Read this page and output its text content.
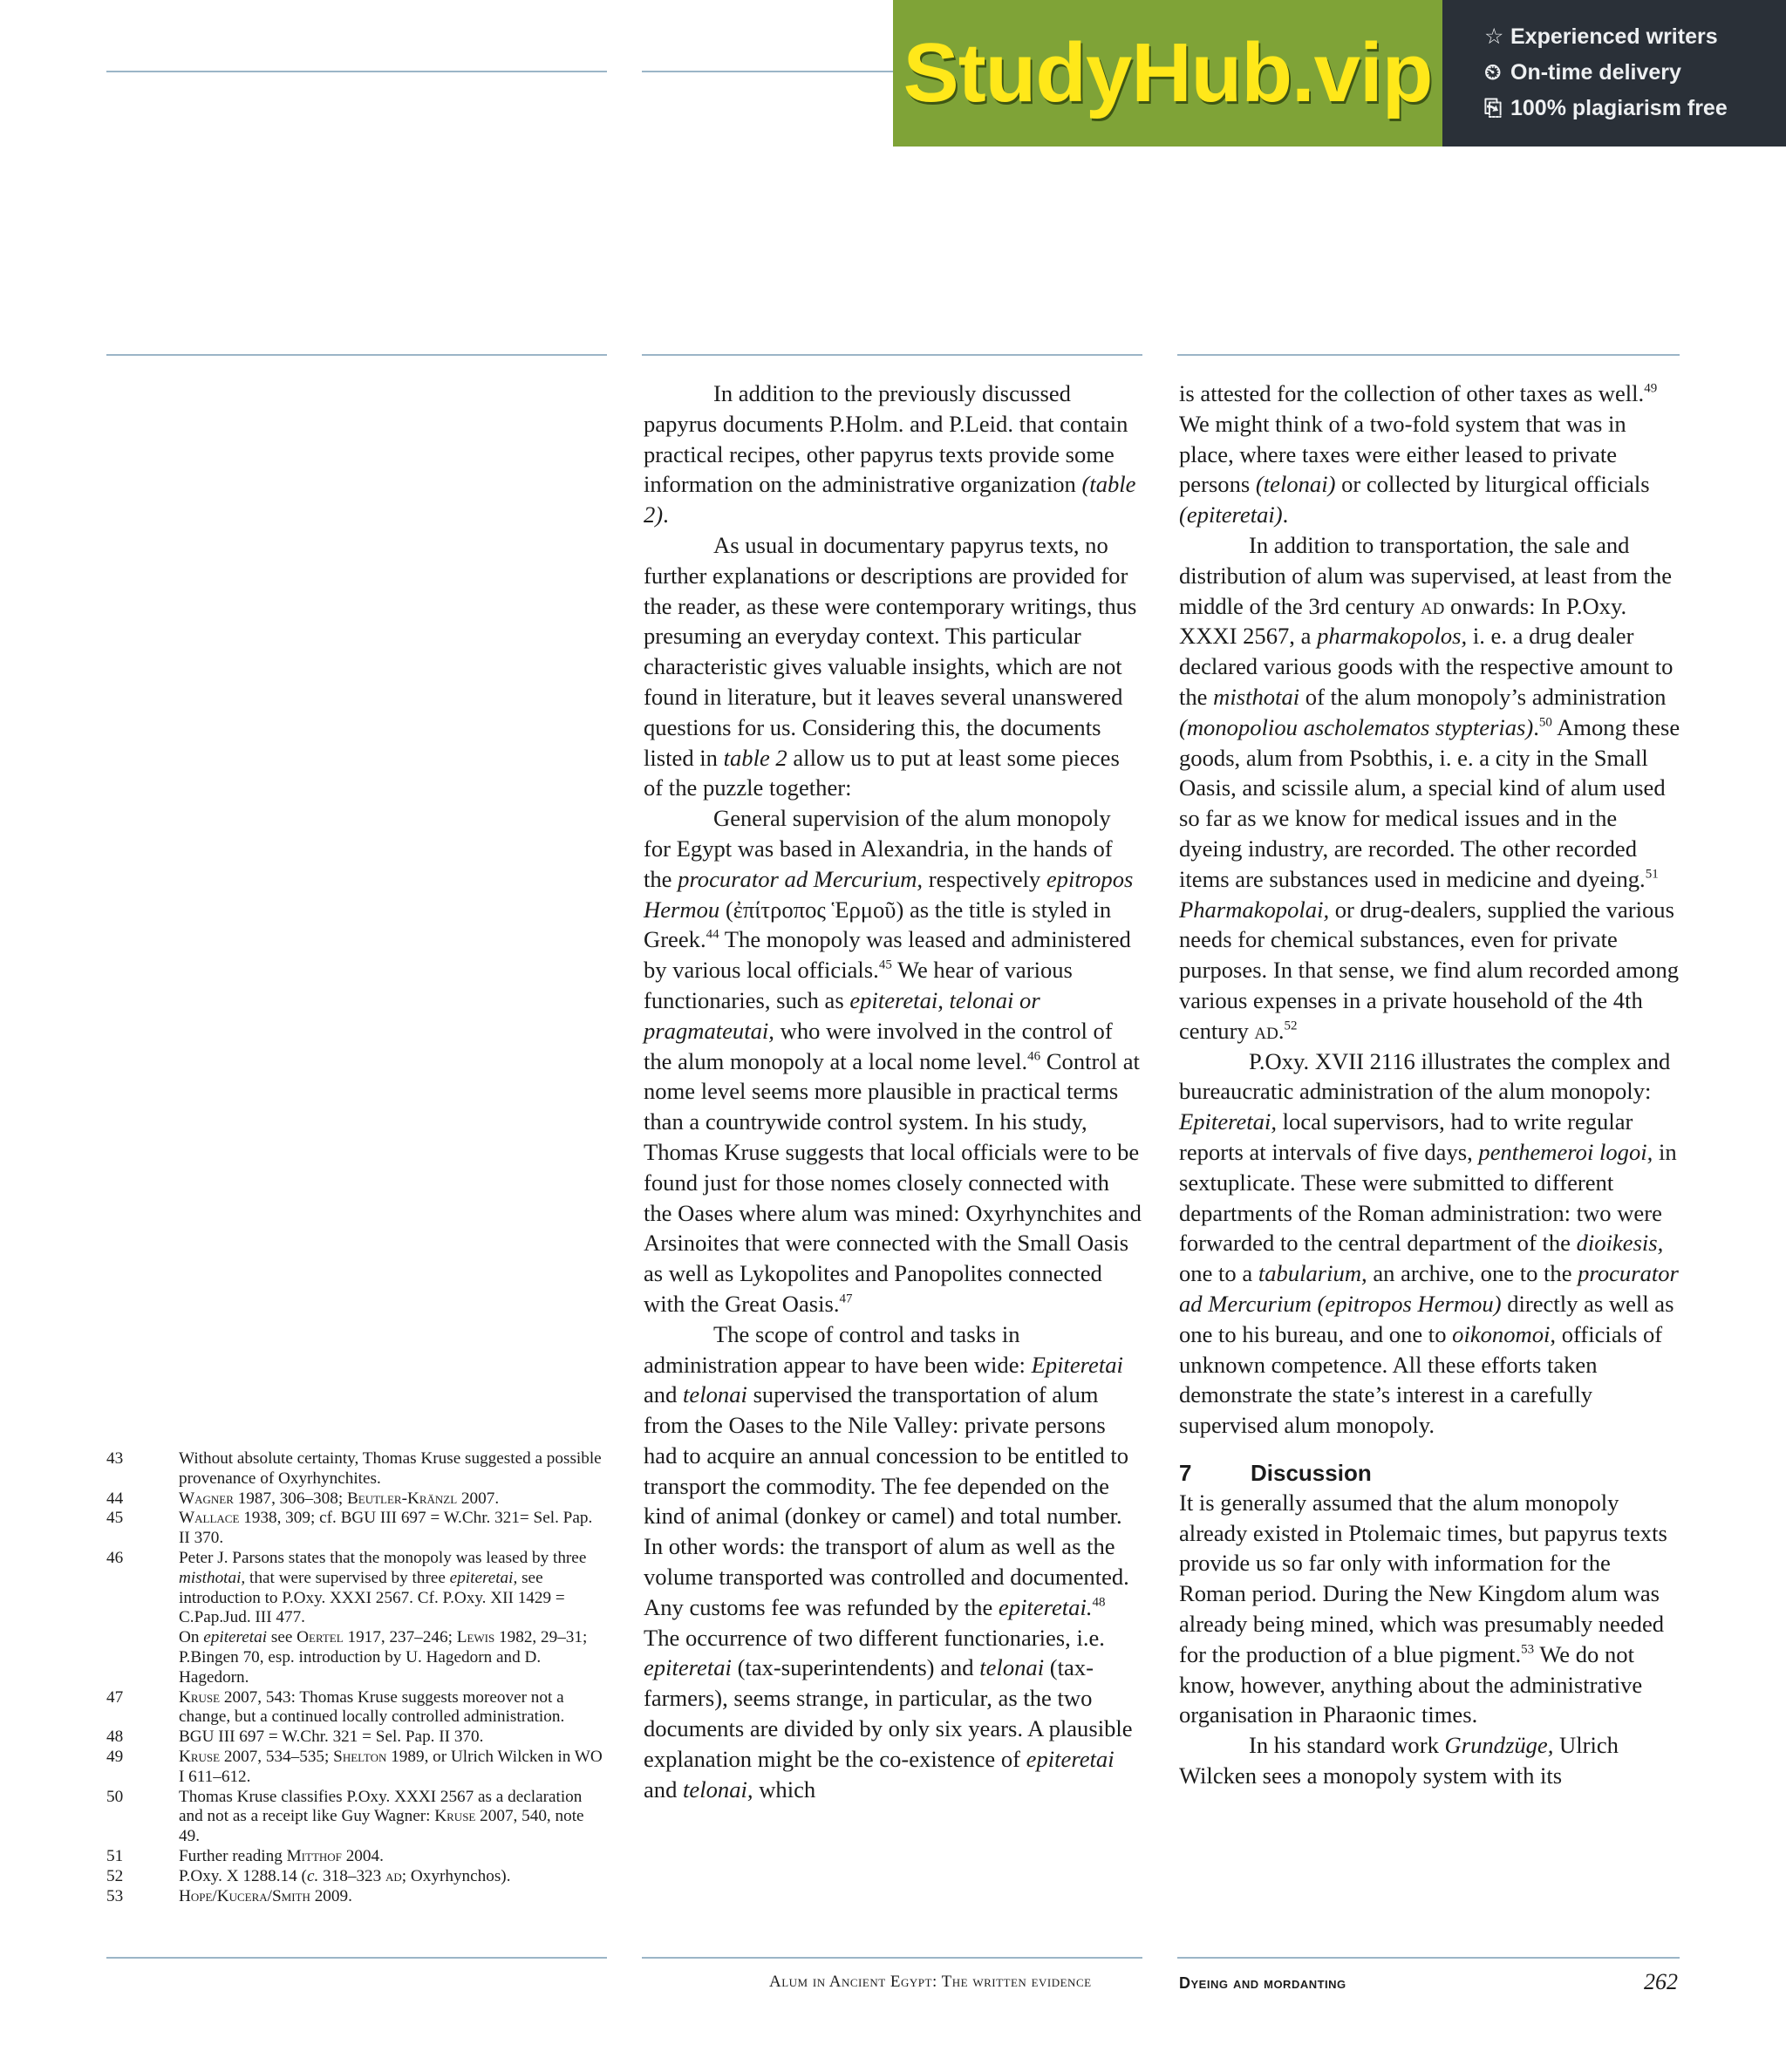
StudyHub.vip ☆ Experienced writers
⏲ On-time delivery
⎘ 100% plagiarism free

In addition to the previously discussed papyrus documents P.Holm. and P.Leid. that contain practical recipes, other papyrus texts provide some information on the administrative organization (table 2).

As usual in documentary papyrus texts, no further explanations or descriptions are provided for the reader, as these were contemporary writings, thus presuming an everyday context. This particular characteristic gives valuable insights, which are not found in literature, but it leaves several unanswered questions for us. Considering this, the documents listed in table 2 allow us to put at least some pieces of the puzzle together:

General supervision of the alum monopoly for Egypt was based in Alexandria, in the hands of the procurator ad Mercurium, respectively epitropos Hermou (ἐπίτροπος Ἑρμοῦ) as the title is styled in Greek.$^{44}$ The monopoly was leased and administered by various local officials.$^{45}$ We hear of various functionaries, such as epiteretai, telonai or pragmateutai, who were involved in the control of the alum monopoly at a local nome level.$^{46}$ Control at nome level seems more plausible in practical terms than a countrywide control system. In his study, Thomas Kruse suggests that local officials were to be found just for those nomes closely connected with the Oases where alum was mined: Oxyrhynchites and Arsinoites that were connected with the Small Oasis as well as Lykopolites and Panopolites connected with the Great Oasis.$^{47}$

The scope of control and tasks in administration appear to have been wide: Epiteretai and telonai supervised the transportation of alum from the Oases to the Nile Valley: private persons had to acquire an annual concession to be entitled to transport the commodity. The fee depended on the kind of animal (donkey or camel) and total number. In other words: the transport of alum as well as the volume transported was controlled and documented. Any customs fee was refunded by the epiteretai.$^{48}$ The occurrence of two different functionaries, i.e. epiteretai (tax-superintendents) and telonai (tax-farmers), seems strange, in particular, as the two documents are divided by only six years. A plausible explanation might be the co-existence of epiteretai and telonai, which

is attested for the collection of other taxes as well.$^{49}$ We might think of a two-fold system that was in place, where taxes were either leased to private persons (telonai) or collected by liturgical officials (epiteretai).

In addition to transportation, the sale and distribution of alum was supervised, at least from the middle of the 3rd century ad onwards: In P.Oxy. XXXI 2567, a pharmakopolos, i. e. a drug dealer declared various goods with the respective amount to the misthotai of the alum monopoly’s administration (monopoliou ascholematos stypterias).$^{50}$ Among these goods, alum from Psobthis, i. e. a city in the Small Oasis, and scissile alum, a special kind of alum used so far as we know for medical issues and in the dyeing industry, are recorded. The other recorded items are substances used in medicine and dyeing.$^{51}$ Pharmakopolai, or drug-dealers, supplied the various needs for chemical substances, even for private purposes. In that sense, we find alum recorded among various expenses in a private household of the 4th century ad.$^{52}$

P.Oxy. XVII 2116 illustrates the complex and bureaucratic administration of the alum monopoly: Epiteretai, local supervisors, had to write regular reports at intervals of five days, penthemeroi logoi, in sextuplicate. These were submitted to different departments of the Roman administration: two were forwarded to the central department of the dioikesis, one to a tabularium, an archive, one to the procurator ad Mercurium (epitropos Hermou) directly as well as one to his bureau, and one to oikonomoi, officials of unknown competence. All these efforts taken demonstrate the state’s interest in a carefully supervised alum monopoly.

7	Discussion

It is generally assumed that the alum monopoly already existed in Ptolemaic times, but papyrus texts provide us so far only with information for the Roman period. During the New Kingdom alum was already being mined, which was presumably needed for the production of a blue pigment.$^{53}$ We do not know, however, anything about the administrative organisation in Pharaonic times.

In his standard work Grundzüge, Ulrich Wilcken sees a monopoly system with its

43	Without absolute certainty, Thomas Kruse suggested a possible provenance of Oxyrhynchites.
44	Wagner 1987, 306–308; Beutler-Kränzl 2007.
45	Wallace 1938, 309; cf. BGU III 697 = W.Chr. 321= Sel. Pap. II 370.
46	Peter J. Parsons states that the monopoly was leased by three misthotai, that were supervised by three epiteretai, see introduction to P.Oxy. XXXI 2567. Cf. P.Oxy. XII 1429 = C.Pap.Jud. III 477.
On epiteretai see Oertel 1917, 237–246; Lewis 1982, 29–31; P.Bingen 70, esp. introduction by U. Hagedorn and D. Hagedorn.
47	Kruse 2007, 543: Thomas Kruse suggests moreover not a change, but a continued locally controlled administration.
48	BGU III 697 = W.Chr. 321 = Sel. Pap. II 370.
49	Kruse 2007, 534–535; Shelton 1989, or Ulrich Wilcken in WO I 611–612.
50	Thomas Kruse classifies P.Oxy. XXXI 2567 as a declaration and not as a receipt like Guy Wagner: Kruse 2007, 540, note 49.
51	Further reading Mitthof 2004.
52	P.Oxy. X 1288.14 (c. 318–323 ad; Oxyrhynchos).
53	Hope/Kucera/Smith 2009.
Alum in Ancient Egypt: The written evidence	Dyeing and mordanting	262
